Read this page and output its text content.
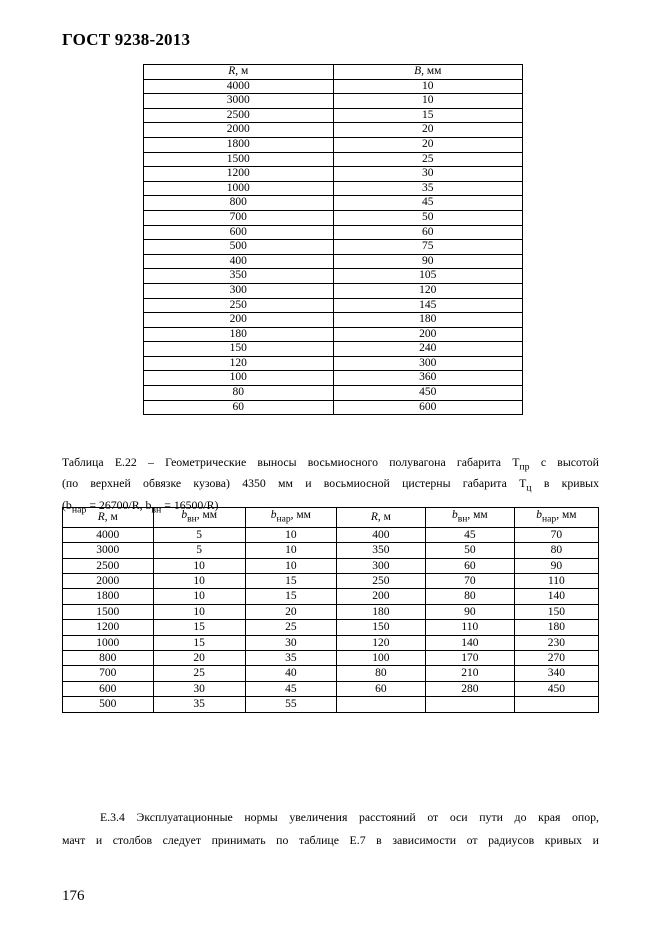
ГОСТ 9238-2013
R, м	B, мм
4000	10
3000	10
2500	15
2000	20
1800	20
1500	25
1200	30
1000	35
800	45
700	50
600	60
500	75
400	90
350	105
300	120
250	145
200	180
180	200
150	240
120	300
100	360
80	450
60	600
Таблица Е.22 – Геометрические выносы восьмиосного полувагона габарита $Т_{пр}$ с высотой
(по верхней обвязке кузова) 4350 мм и восьмиосной цистерны габарита $Т_ц$ в кривых
($b_{нар} = 26700/R$, $b_{вн} = 16500/R$)
R, м	$b_{вн}$, мм	$b_{нар}$, мм	R, м	$b_{вн}$, мм	$b_{нар}$, мм
4000	5	10	400	45	70
3000	5	10	350	50	80
2500	10	10	300	60	90
2000	10	15	250	70	110
1800	10	15	200	80	140
1500	10	20	180	90	150
1200	15	25	150	110	180
1000	15	30	120	140	230
800	20	35	100	170	270
700	25	40	80	210	340
600	30	45	60	280	450
500	35	55			
Е.3.4 Эксплуатационные нормы увеличения расстояний от оси пути до края опор,
мачт и столбов следует принимать по таблице Е.7 в зависимости от радиусов кривых и
176
